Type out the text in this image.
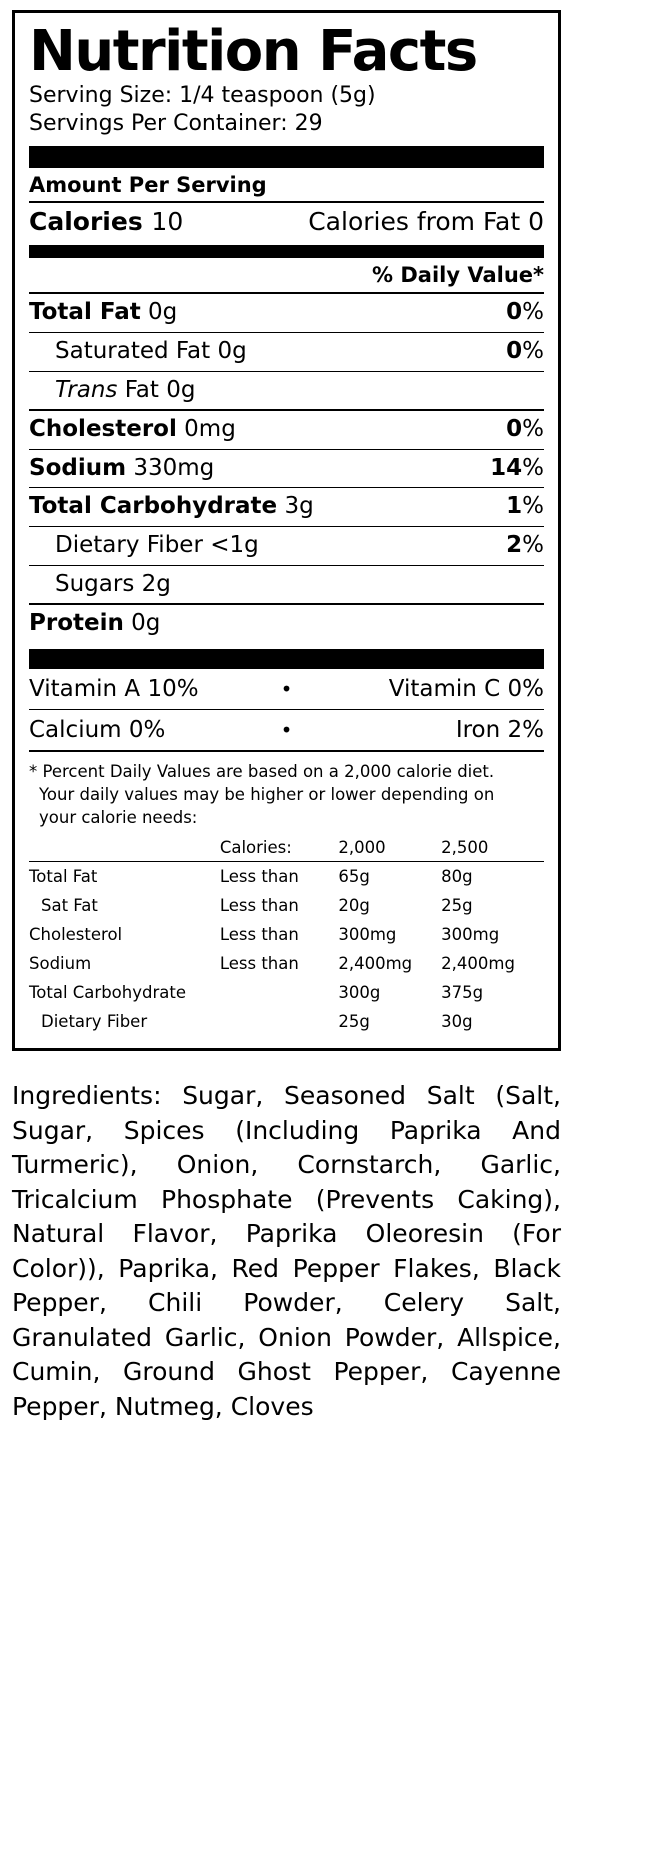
Nutrition Facts
Serving Size: 1/4 teaspoon (5g)
Servings Per Container: 29
Amount Per Serving
Calories 10	Calories from Fat 0
% Daily Value*
Total Fat 0g	0%
Saturated Fat 0g	0%
Trans Fat 0g
Cholesterol 0mg	0%
Sodium 330mg	14%
Total Carbohydrate 3g	1%
Dietary Fiber <1g	2%
Sugars 2g
Protein 0g
Vitamin A 10%	•	Vitamin C 0%
Calcium 0%	•	Iron 2%
* Percent Daily Values are based on a 2,000 calorie diet.
Your daily values may be higher or lower depending on
your calorie needs:
	Calories:	2,000	2,500
Total Fat	Less than	65g	80g
Sat Fat	Less than	20g	25g
Cholesterol	Less than	300mg	300mg
Sodium	Less than	2,400mg	2,400mg
Total Carbohydrate		300g	375g
Dietary Fiber		25g	30g
Ingredients: Sugar, Seasoned Salt (Salt, Sugar, Spices (Including Paprika And Turmeric), Onion, Cornstarch, Garlic, Tricalcium Phosphate (Prevents Caking), Natural Flavor, Paprika Oleoresin (For Color)), Paprika, Red Pepper Flakes, Black Pepper, Chili Powder, Celery Salt, Granulated Garlic, Onion Powder, Allspice, Cumin, Ground Ghost Pepper, Cayenne Pepper, Nutmeg, Cloves
